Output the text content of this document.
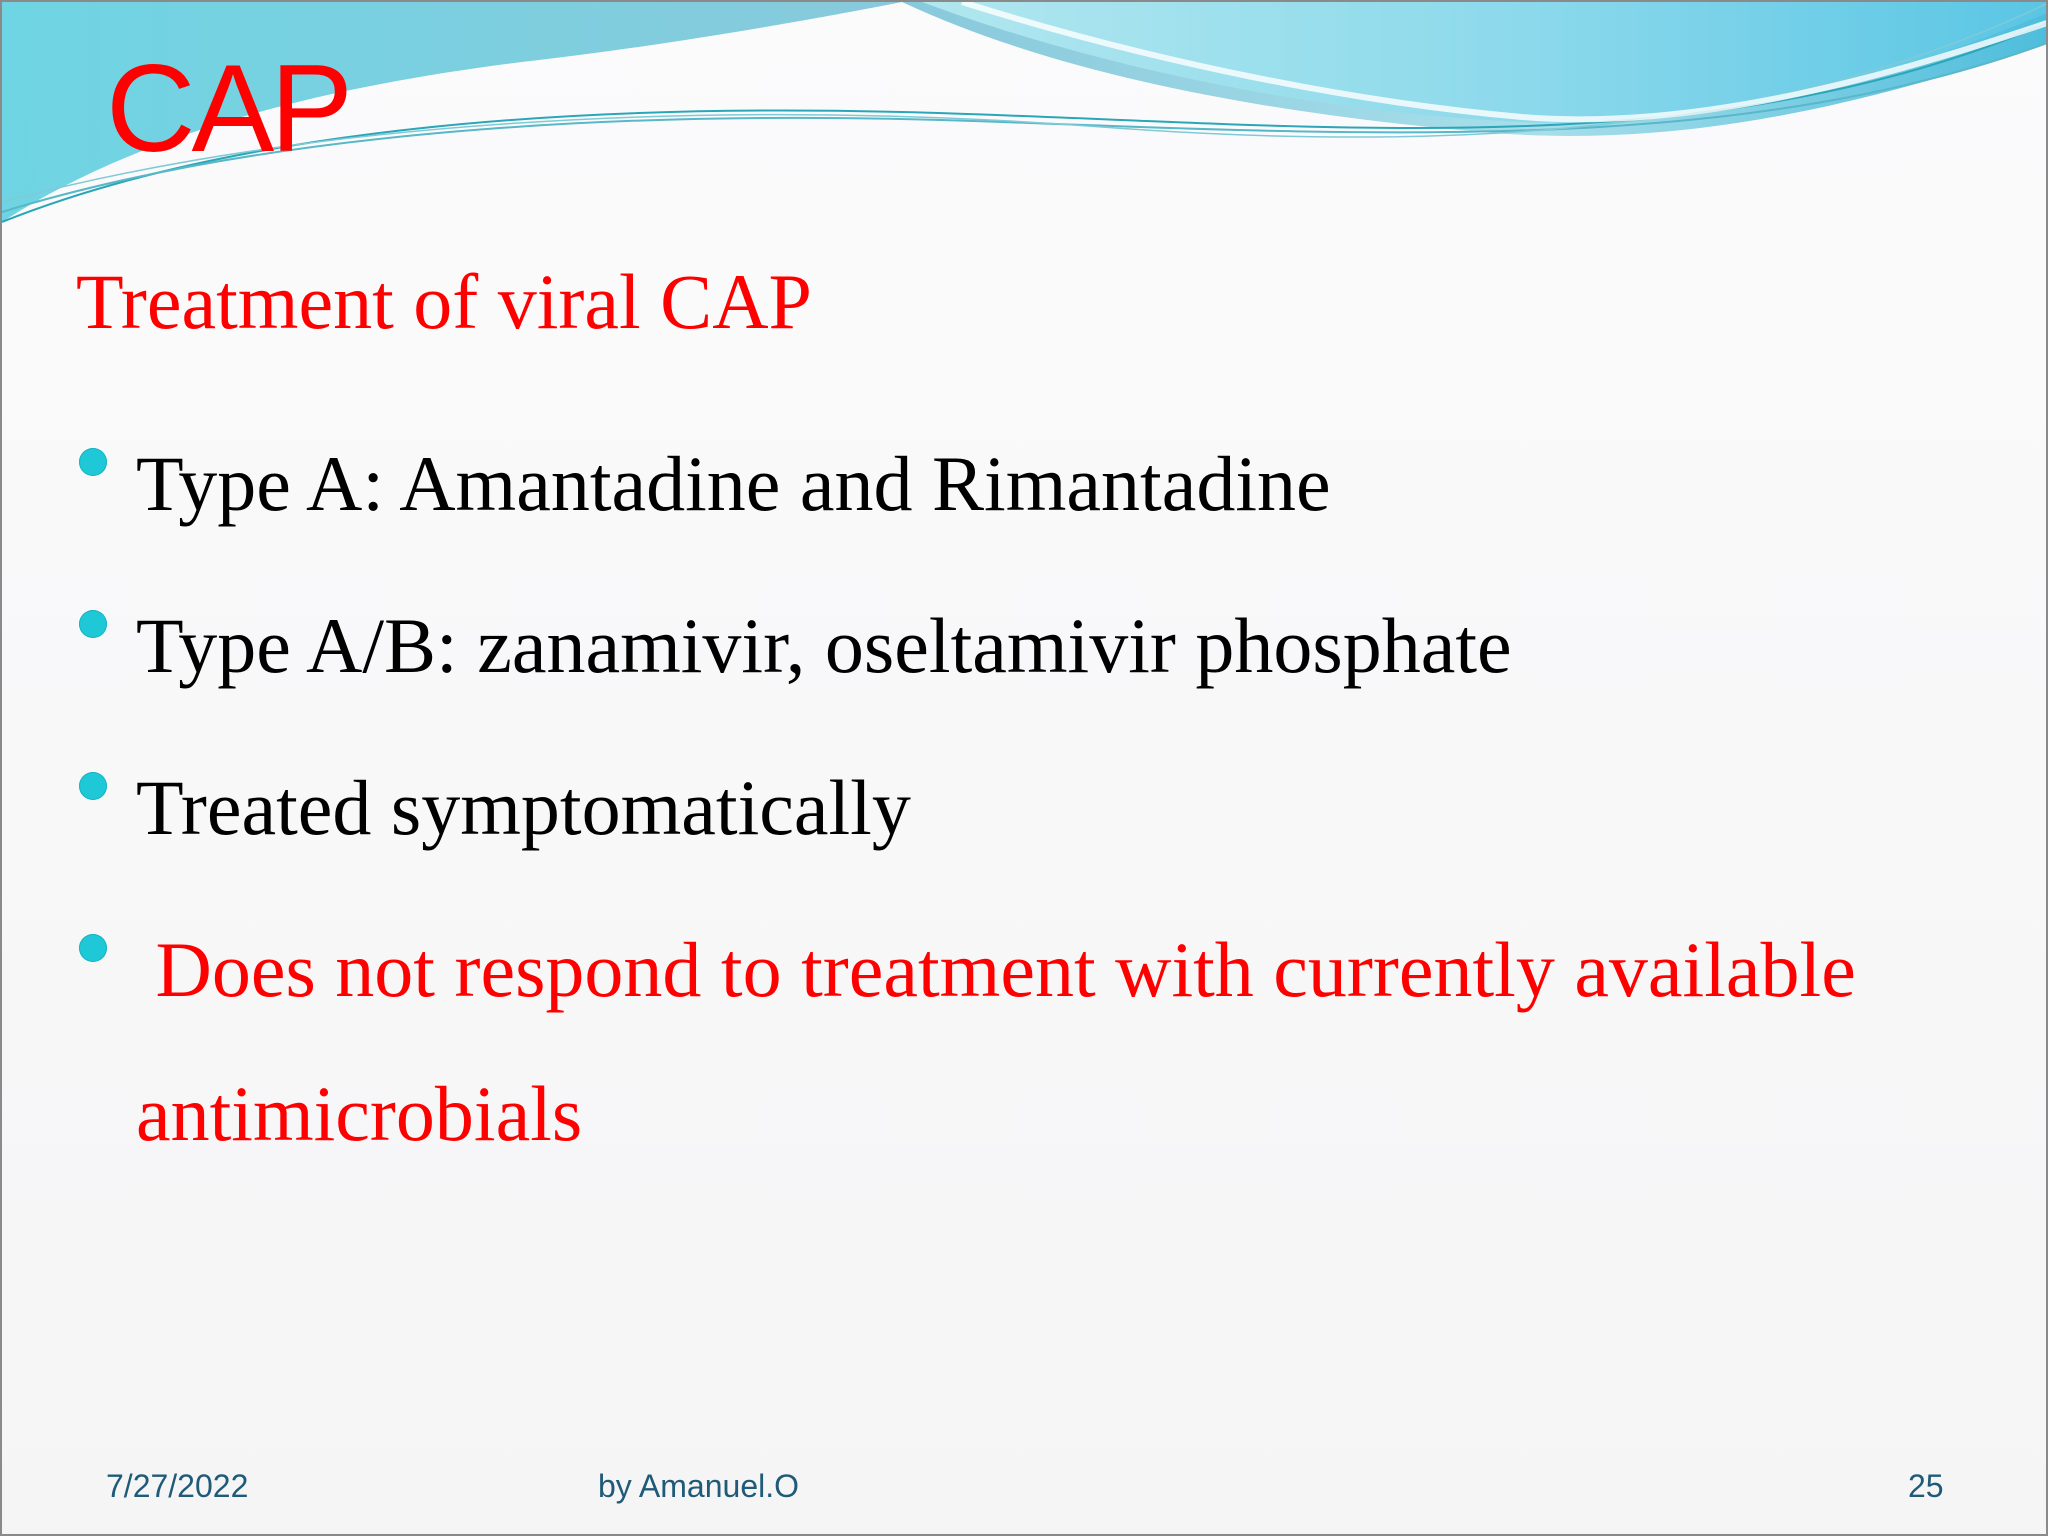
CAP
Treatment of viral CAP
Type A: Amantadine and Rimantadine
Type A/B: zanamivir, oseltamivir phosphate
Treated symptomatically
Does not respond to treatment with currently available antimicrobials
7/27/2022	by Amanuel.O	25
